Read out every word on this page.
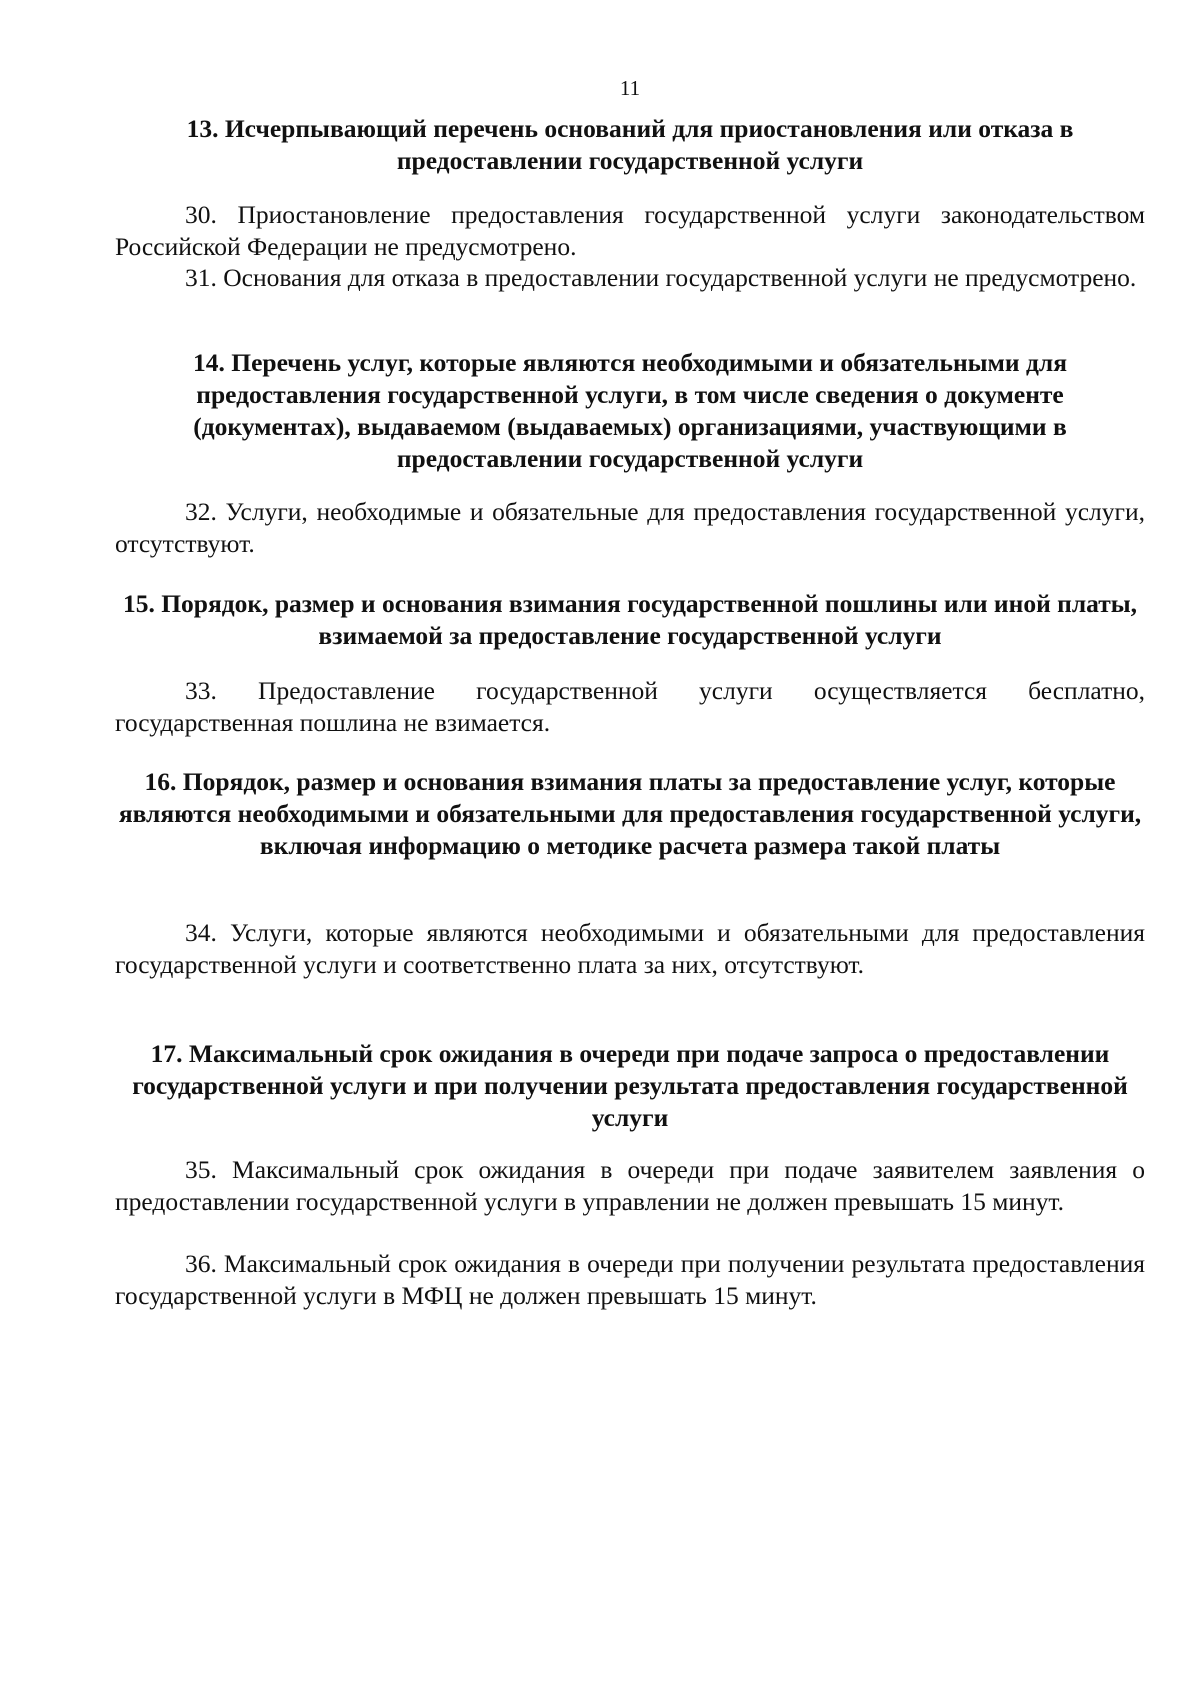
11
13. Исчерпывающий перечень оснований для приостановления или отказа в предоставлении государственной услуги
30. Приостановление предоставления государственной услуги законодательством Российской Федерации не предусмотрено.
31. Основания для отказа в предоставлении государственной услуги не предусмотрено.
14. Перечень услуг, которые являются необходимыми и обязательными для предоставления государственной услуги, в том числе сведения о документе (документах), выдаваемом (выдаваемых) организациями, участвующими в предоставлении государственной услуги
32. Услуги, необходимые и обязательные для предоставления государственной услуги, отсутствуют.
15. Порядок, размер и основания взимания государственной пошлины или иной платы, взимаемой за предоставление государственной услуги
33. Предоставление государственной услуги осуществляется бесплатно, государственная пошлина не взимается.
16. Порядок, размер и основания взимания платы за предоставление услуг, которые являются необходимыми и обязательными для предоставления государственной услуги, включая информацию о методике расчета размера такой платы
34. Услуги, которые являются необходимыми и обязательными для предоставления государственной услуги и соответственно плата за них, отсутствуют.
17. Максимальный срок ожидания в очереди при подаче запроса о предоставлении государственной услуги и при получении результата предоставления государственной услуги
35. Максимальный срок ожидания в очереди при подаче заявителем заявления о предоставлении государственной услуги в управлении не должен превышать 15 минут.
36. Максимальный срок ожидания в очереди при получении результата предоставления государственной услуги в МФЦ не должен превышать 15 минут.
